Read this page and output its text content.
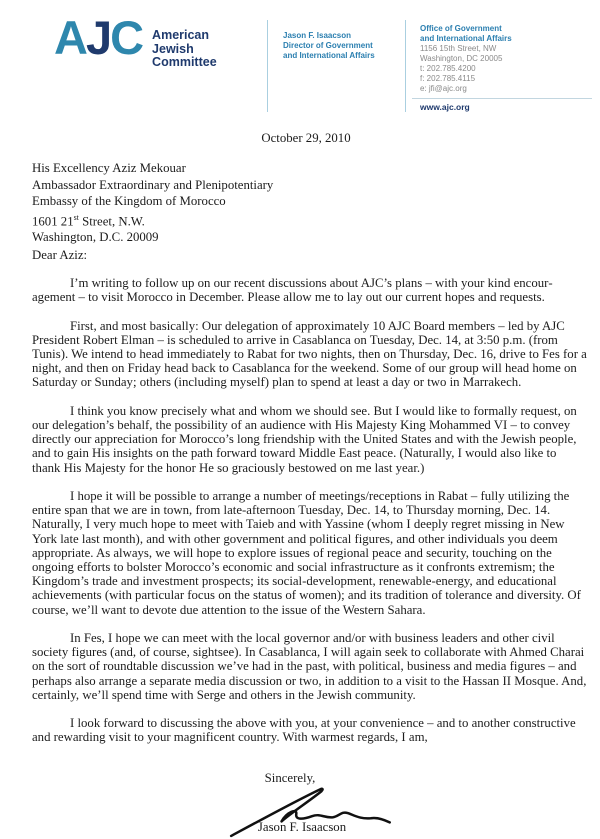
AJC American
Jewish
Committee
Jason F. Isaacson
Director of Government
and International Affairs
Office of Government
and International Affairs
1156 15th Street, NW
Washington, DC 20005
t: 202.785.4200
f: 202.785.4115
e: jfi@ajc.org
www.ajc.org
October 29, 2010
His Excellency Aziz Mekouar
Ambassador Extraordinary and Plenipotentiary
Embassy of the Kingdom of Morocco
1601 21st Street, N.W.
Washington, D.C. 20009
Dear Aziz:

I’m writing to follow up on our recent discussions about AJC’s plans – with your kind encouragement – to visit Morocco in December. Please allow me to lay out our current hopes and requests.

First, and most basically: Our delegation of approximately 10 AJC Board members – led by AJC President Robert Elman – is scheduled to arrive in Casablanca on Tuesday, Dec. 14, at 3:50 p.m. (from Tunis). We intend to head immediately to Rabat for two nights, then on Thursday, Dec. 16, drive to Fes for a night, and then on Friday head back to Casablanca for the weekend. Some of our group will head home on Saturday or Sunday; others (including myself) plan to spend at least a day or two in Marrakech.

I think you know precisely what and whom we should see. But I would like to formally request, on our delegation’s behalf, the possibility of an audience with His Majesty King Mohammed VI – to convey directly our appreciation for Morocco’s long friendship with the United States and with the Jewish people, and to gain His insights on the path forward toward Middle East peace. (Naturally, I would also like to thank His Majesty for the honor He so graciously bestowed on me last year.)

I hope it will be possible to arrange a number of meetings/receptions in Rabat – fully utilizing the entire span that we are in town, from late-afternoon Tuesday, Dec. 14, to Thursday morning, Dec. 14. Naturally, I very much hope to meet with Taieb and with Yassine (whom I deeply regret missing in New York late last month), and with other government and political figures, and other individuals you deem appropriate. As always, we will hope to explore issues of regional peace and security, touching on the ongoing efforts to bolster Morocco’s economic and social infrastructure as it confronts extremism; the Kingdom’s trade and investment prospects; its social-development, renewable-energy, and educational achievements (with particular focus on the status of women); and its tradition of tolerance and diversity. Of course, we’ll want to devote due attention to the issue of the Western Sahara.

In Fes, I hope we can meet with the local governor and/or with business leaders and other civil society figures (and, of course, sightsee). In Casablanca, I will again seek to collaborate with Ahmed Charai on the sort of roundtable discussion we’ve had in the past, with political, business and media figures – and perhaps also arrange a separate media discussion or two, in addition to a visit to the Hassan II Mosque. And, certainly, we’ll spend time with Serge and others in the Jewish community.

I look forward to discussing the above with you, at your convenience – and to another constructive and rewarding visit to your magnificent country. With warmest regards, I am,

Sincerely,
Jason F. Isaacson
